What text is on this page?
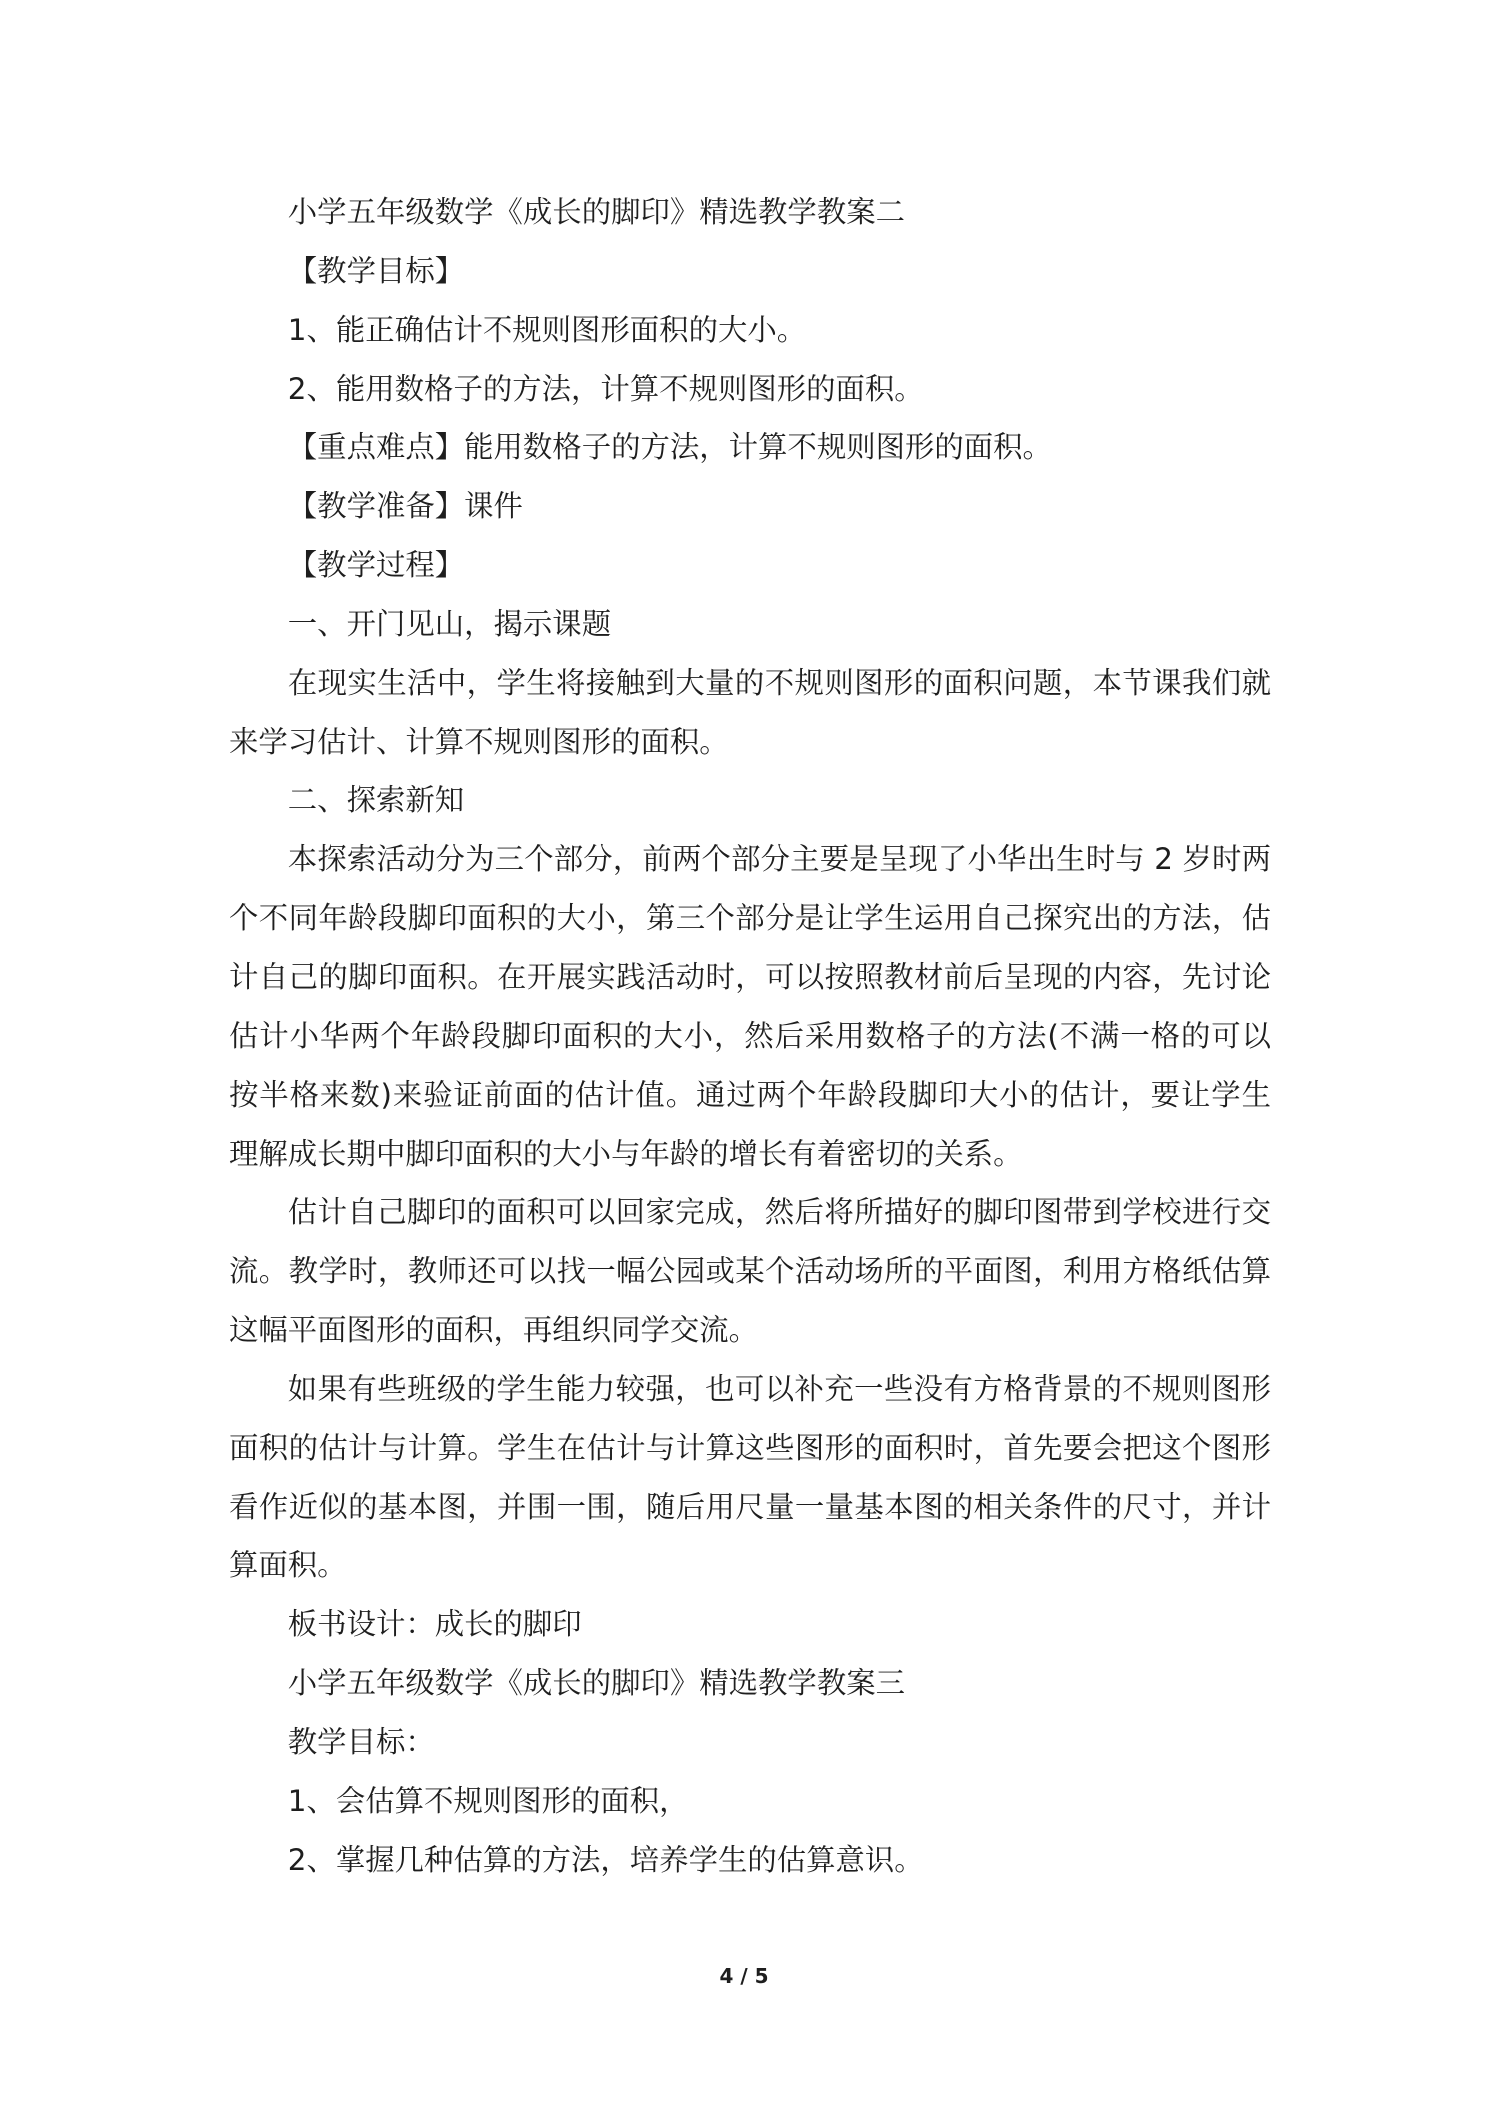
小学五年级数学《成长的脚印》精选教学教案二
【教学目标】
1、能正确估计不规则图形面积的大小。
2、能用数格子的方法，计算不规则图形的面积。
【重点难点】能用数格子的方法，计算不规则图形的面积。
【教学准备】课件
【教学过程】
一、开门见山，揭示课题
在现实生活中，学生将接触到大量的不规则图形的面积问题，本节课我们就
来学习估计、计算不规则图形的面积。
二、探索新知
本探索活动分为三个部分，前两个部分主要是呈现了小华出生时与 2 岁时两
个不同年龄段脚印面积的大小，第三个部分是让学生运用自己探究出的方法，估
计自己的脚印面积。在开展实践活动时，可以按照教材前后呈现的内容，先讨论
估计小华两个年龄段脚印面积的大小，然后采用数格子的方法(不满一格的可以
按半格来数)来验证前面的估计值。通过两个年龄段脚印大小的估计，要让学生
理解成长期中脚印面积的大小与年龄的增长有着密切的关系。
估计自己脚印的面积可以回家完成，然后将所描好的脚印图带到学校进行交
流。教学时，教师还可以找一幅公园或某个活动场所的平面图，利用方格纸估算
这幅平面图形的面积，再组织同学交流。
如果有些班级的学生能力较强，也可以补充一些没有方格背景的不规则图形
面积的估计与计算。学生在估计与计算这些图形的面积时，首先要会把这个图形
看作近似的基本图，并围一围，随后用尺量一量基本图的相关条件的尺寸，并计
算面积。
板书设计：成长的脚印
小学五年级数学《成长的脚印》精选教学教案三
教学目标：
1、会估算不规则图形的面积，
2、掌握几种估算的方法，培养学生的估算意识。
4 / 5
